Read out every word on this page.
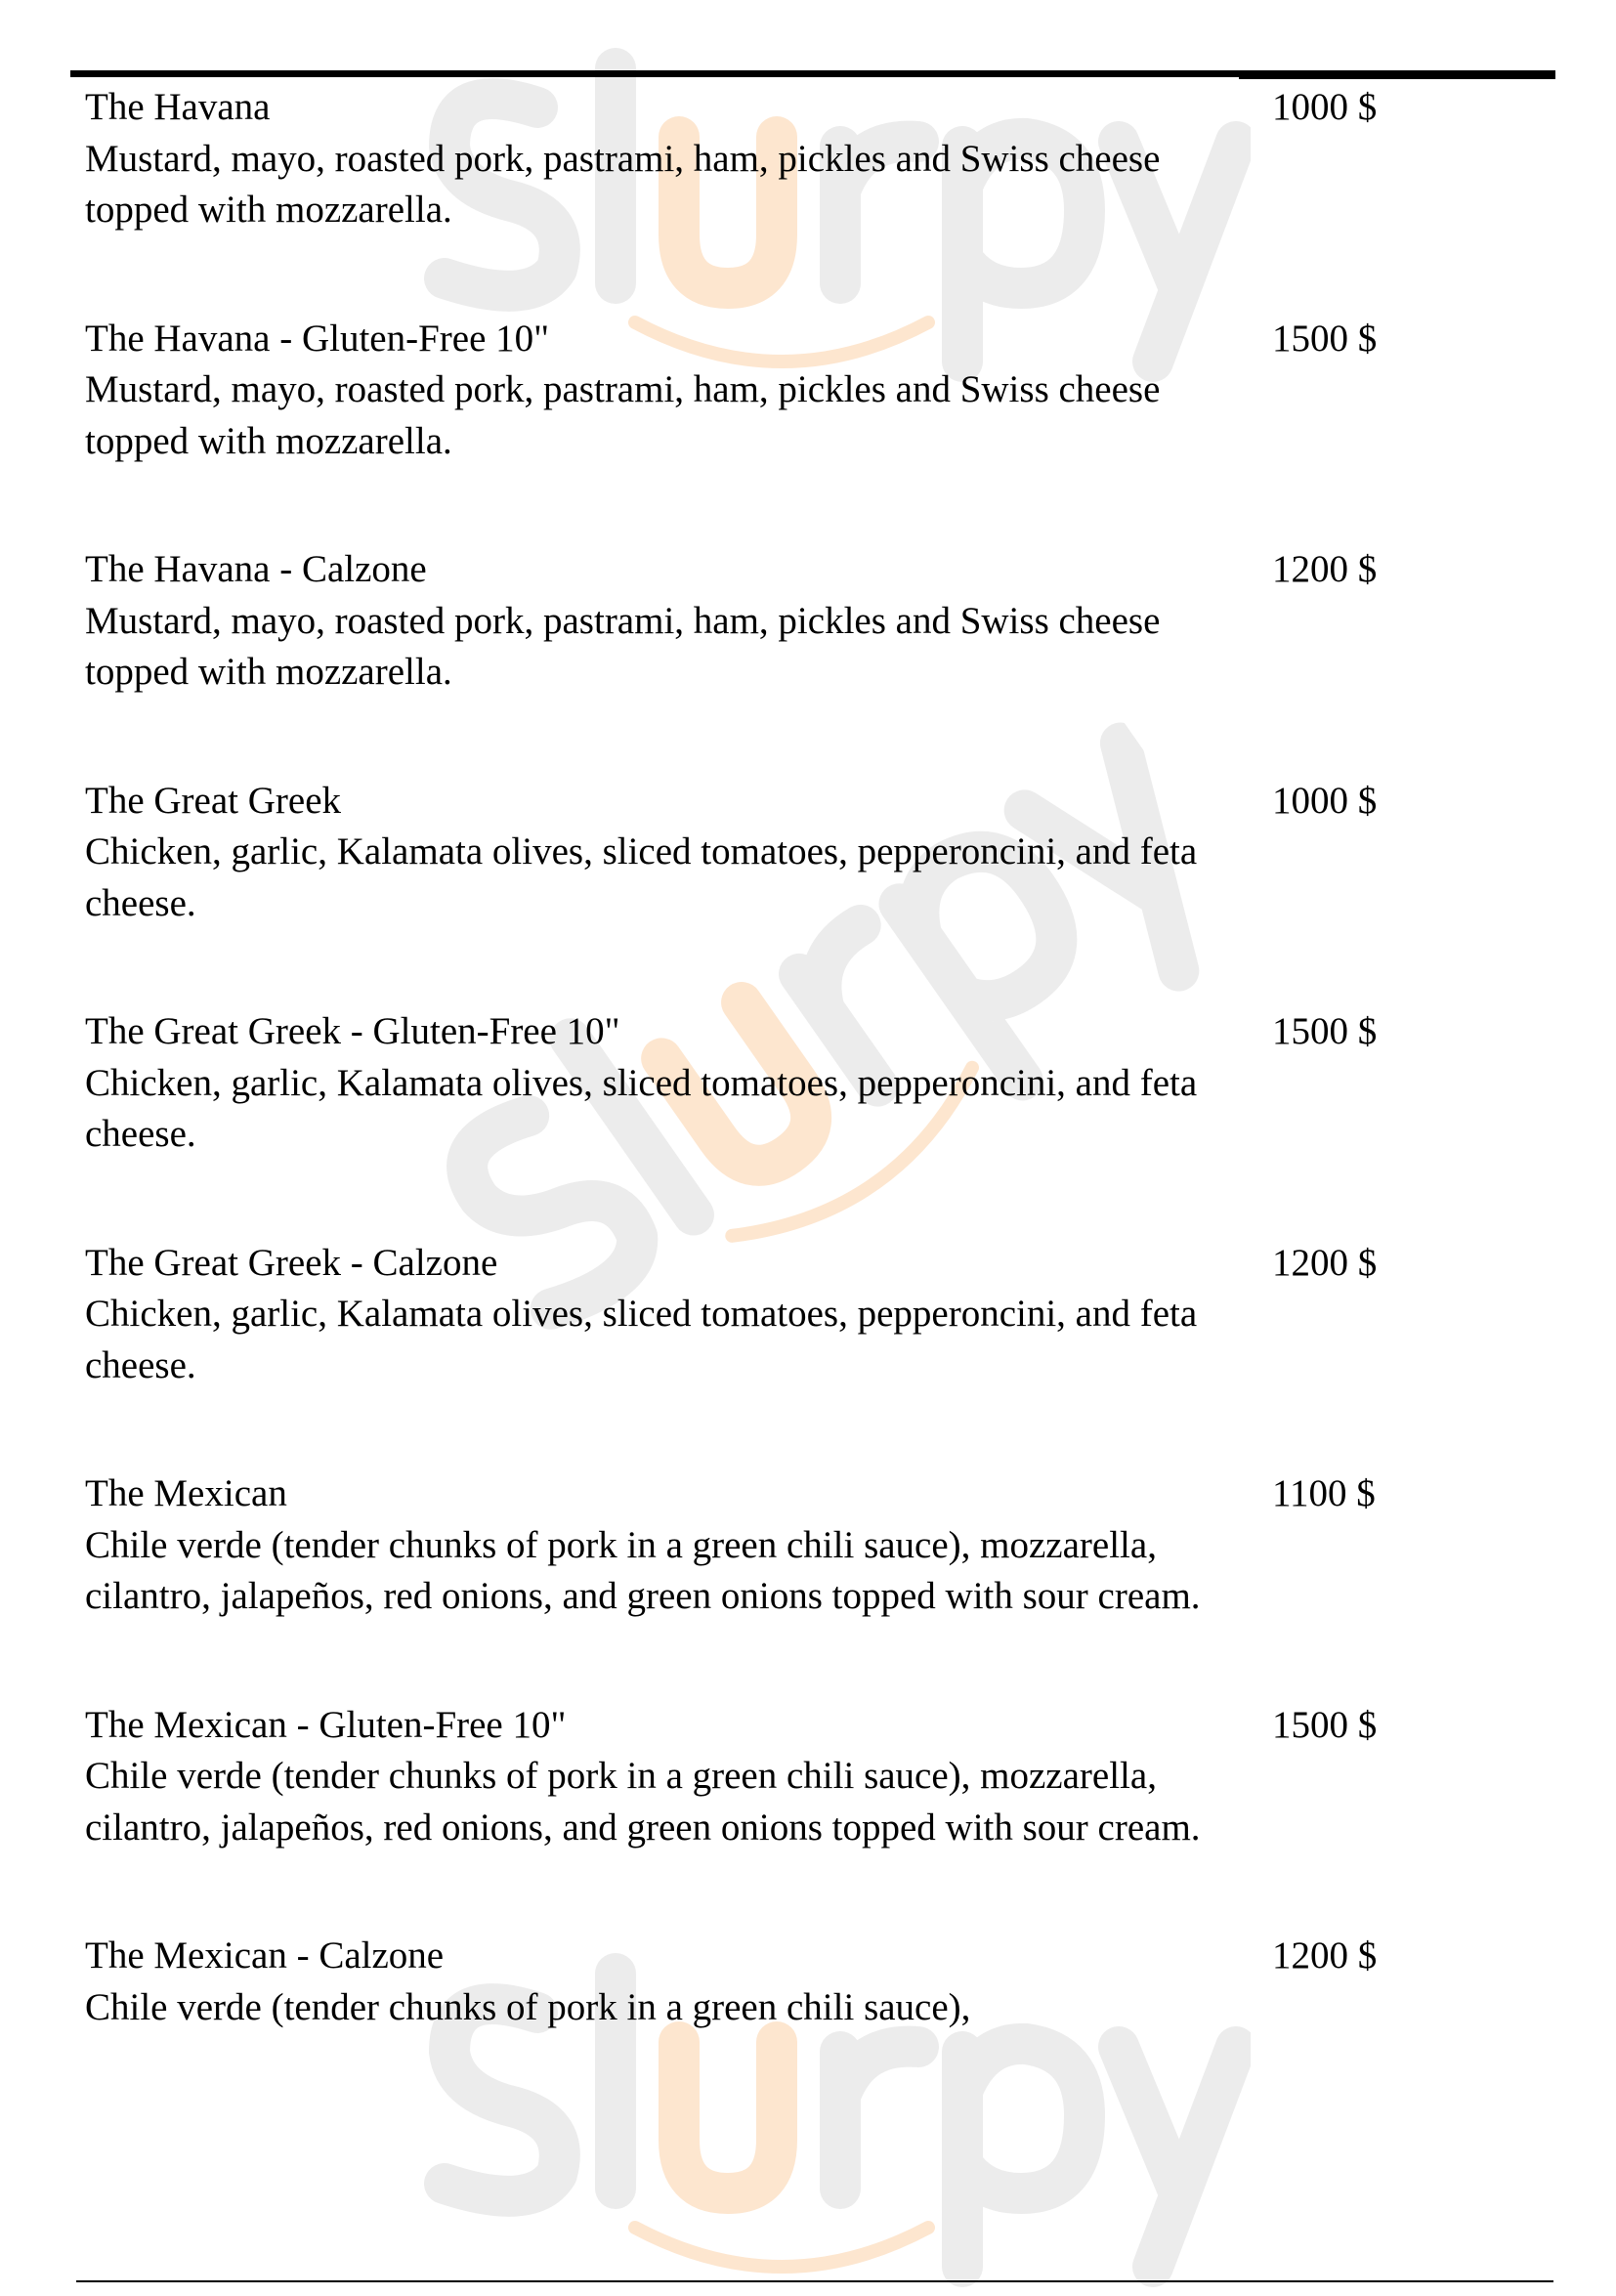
The Havana
Mustard, mayo, roasted pork, pastrami, ham, pickles and Swiss cheese topped with mozzarella.
1000 $
The Havana - Gluten-Free 10"
Mustard, mayo, roasted pork, pastrami, ham, pickles and Swiss cheese topped with mozzarella.
1500 $
The Havana - Calzone
Mustard, mayo, roasted pork, pastrami, ham, pickles and Swiss cheese topped with mozzarella.
1200 $
The Great Greek
Chicken, garlic, Kalamata olives, sliced tomatoes, pepperoncini, and feta cheese.
1000 $
The Great Greek - Gluten-Free 10"
Chicken, garlic, Kalamata olives, sliced tomatoes, pepperoncini, and feta cheese.
1500 $
The Great Greek - Calzone
Chicken, garlic, Kalamata olives, sliced tomatoes, pepperoncini, and feta cheese.
1200 $
The Mexican
Chile verde (tender chunks of pork in a green chili sauce), mozzarella, cilantro, jalapeños, red onions, and green onions topped with sour cream.
1100 $
The Mexican - Gluten-Free 10"
Chile verde (tender chunks of pork in a green chili sauce), mozzarella, cilantro, jalapeños, red onions, and green onions topped with sour cream.
1500 $
The Mexican - Calzone
Chile verde (tender chunks of pork in a green chili sauce),
1200 $
